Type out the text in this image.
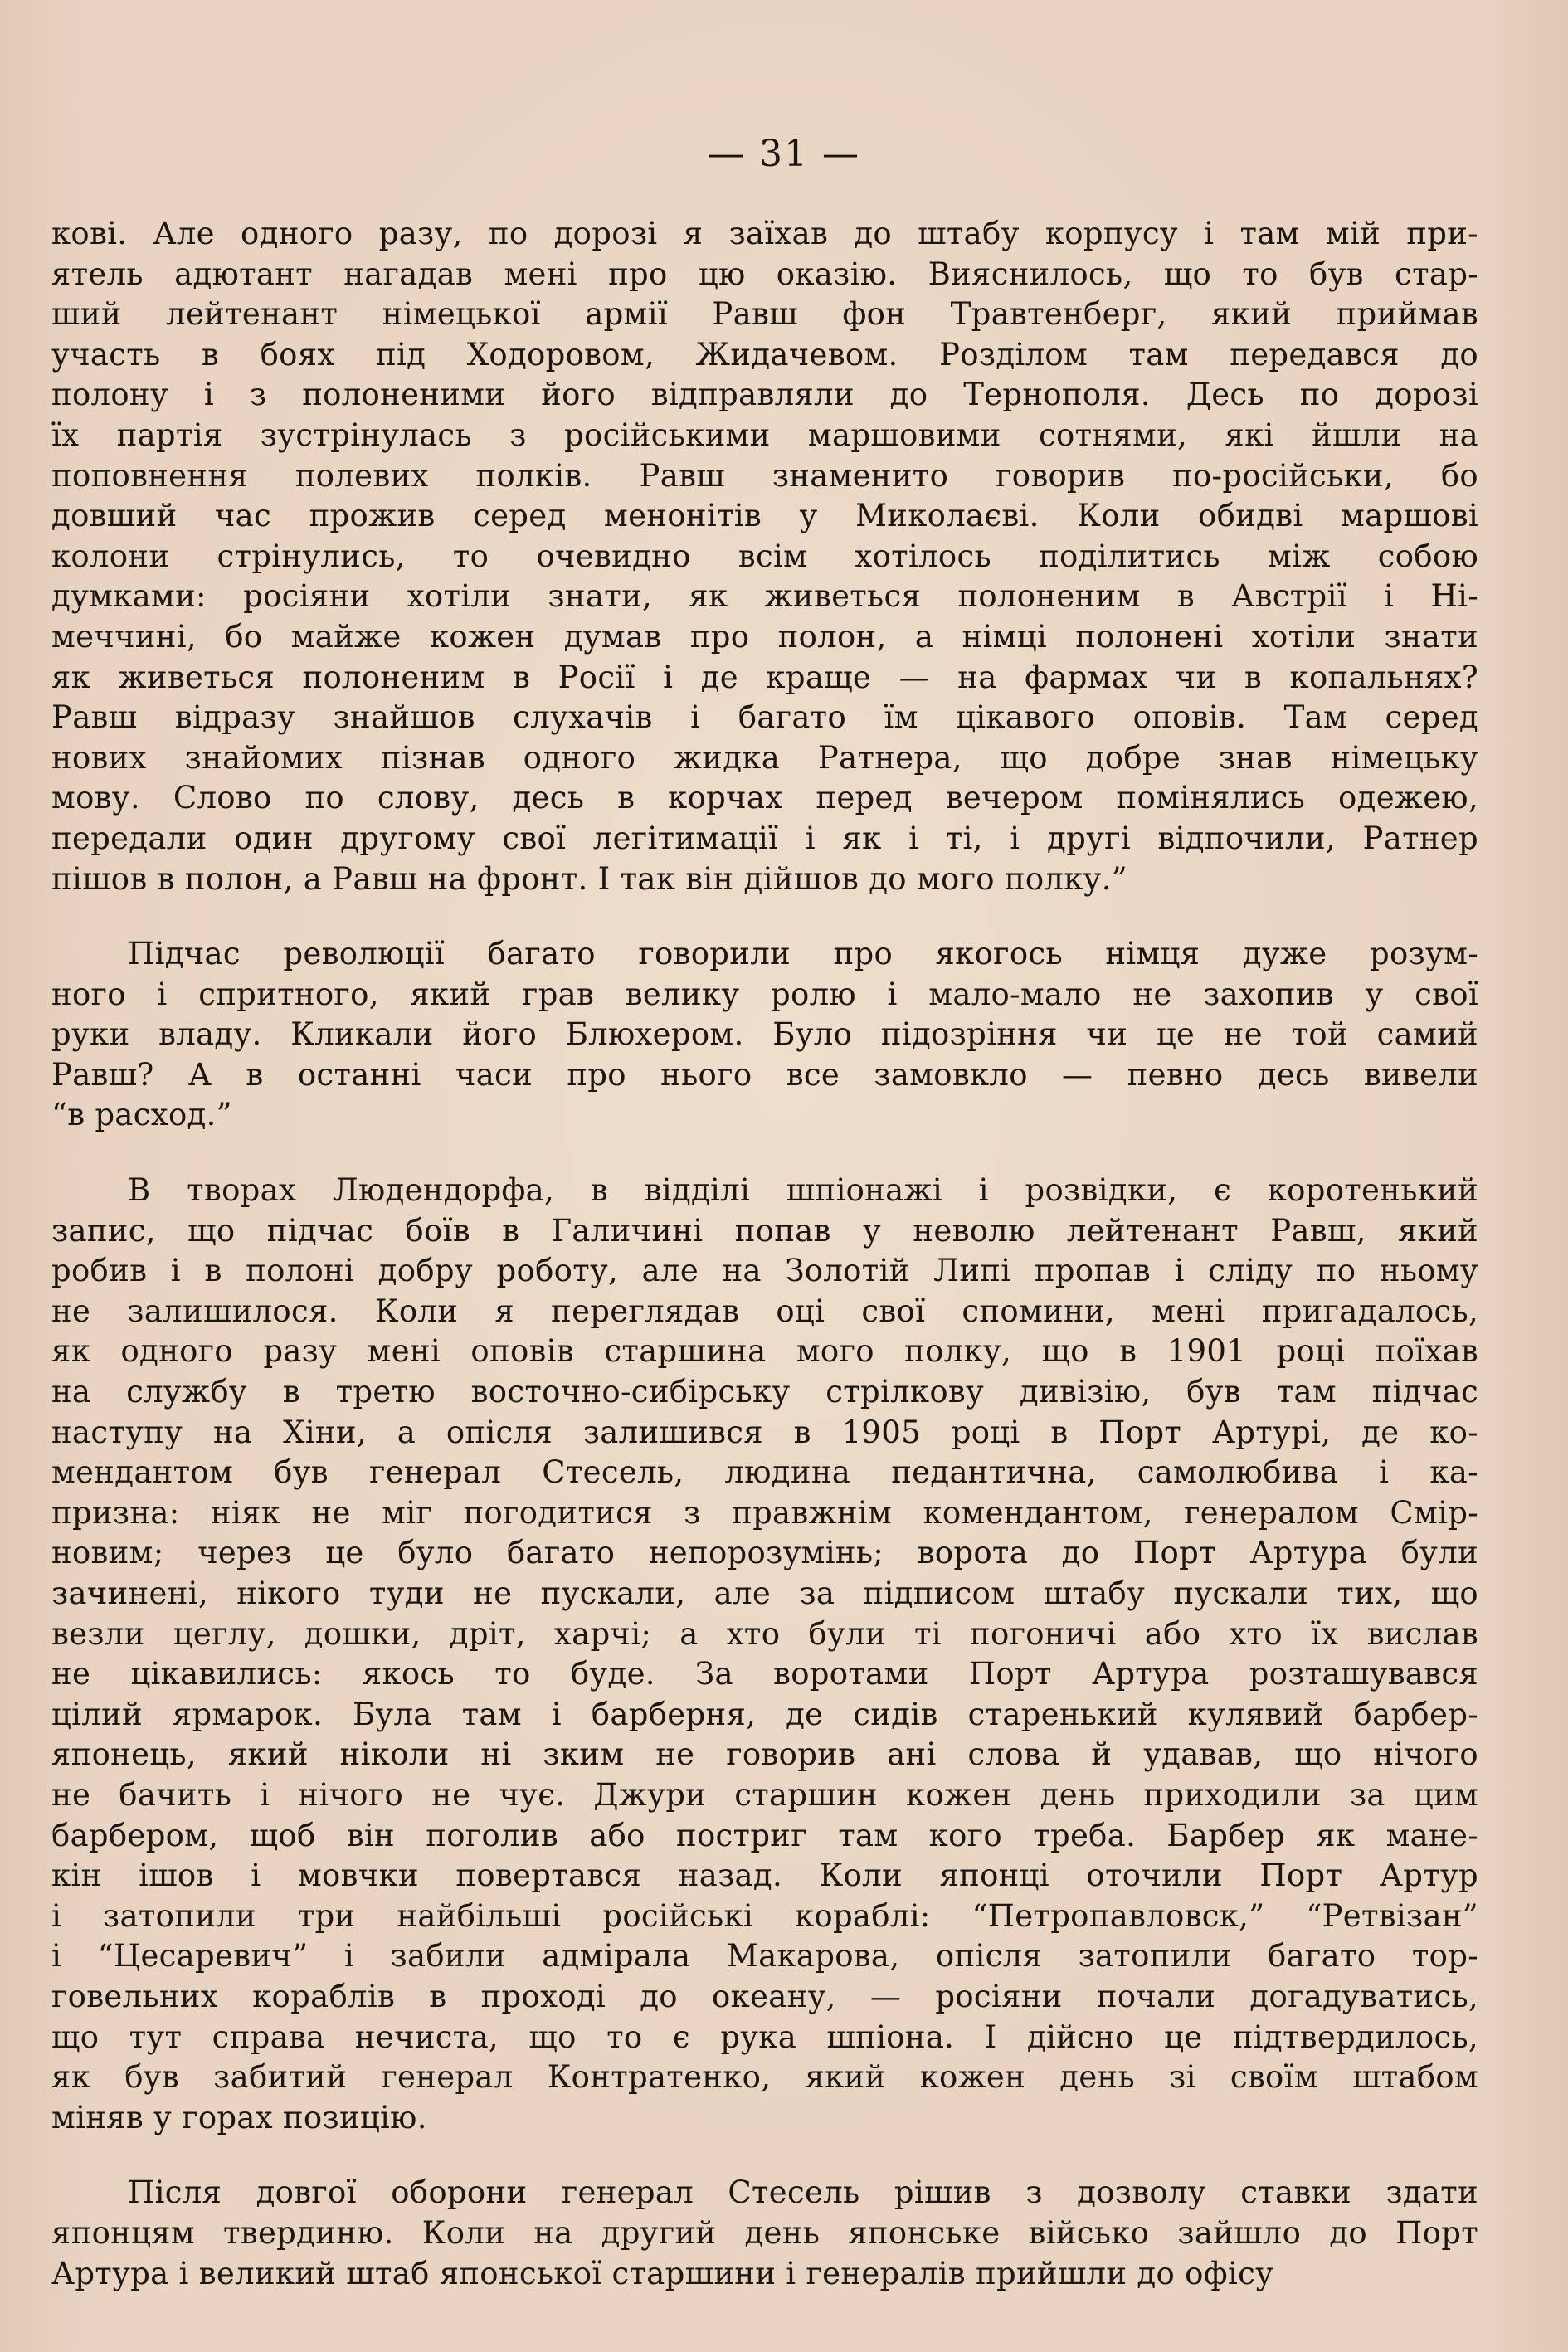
— 31 —
кові. Але одного разу, по дорозі я заїхав до штабу корпусу і там мій при-
ятель адютант нагадав мені про цю оказію. Вияснилось, що то був стар-
ший лейтенант німецької армії Равш фон Травтенберг, який приймав
участь в боях під Ходоровом, Жидачевом. Розділом там передався до
полону і з полоненими його відправляли до Тернополя. Десь по дорозі
їх партія зустрінулась з російськими маршовими сотнями, які йшли на
поповнення полевих полків. Равш знаменито говорив по-російськи, бо
довший час прожив серед менонітів у Миколаєві. Коли обидві маршові
колони стрінулись, то очевидно всім хотілось поділитись між собою
думками: росіяни хотіли знати, як живеться полоненим в Австрії і Ні-
меччині, бо майже кожен думав про полон, а німці полонені хотіли знати
як живеться полоненим в Росії і де краще — на фармах чи в копальнях?
Равш відразу знайшов слухачів і багато їм цікавого оповів. Там серед
нових знайомих пізнав одного жидка Ратнера, що добре знав німецьку
мову. Слово по слову, десь в корчах перед вечером помінялись одежею,
передали один другому свої легітимації і як і ті, і другі відпочили, Ратнер
пішов в полон, а Равш на фронт. І так він дійшов до мого полку.”
Підчас революції багато говорили про якогось німця дуже розум-
ного і спритного, який грав велику ролю і мало-мало не захопив у свої
руки владу. Кликали його Блюхером. Було підозріння чи це не той самий
Равш? А в останні часи про нього все замовкло — певно десь вивели
“в расход.”
В творах Людендорфа, в відділі шпіонажі і розвідки, є коротенький
запис, що підчас боїв в Галичині попав у неволю лейтенант Равш, який
робив і в полоні добру роботу, але на Золотій Липі пропав і сліду по ньому
не залишилося. Коли я переглядав оці свої спомини, мені пригадалось,
як одного разу мені оповів старшина мого полку, що в 1901 році поїхав
на службу в третю восточно-сибірську стрілкову дивізію, був там підчас
наступу на Хіни, а опісля залишився в 1905 році в Порт Артурі, де ко-
мендантом був генерал Стесель, людина педантична, самолюбива і ка-
призна: ніяк не міг погодитися з правжнім комендантом, генералом Смір-
новим; через це було багато непорозумінь; ворота до Порт Артура були
зачинені, нікого туди не пускали, але за підписом штабу пускали тих, що
везли цеглу, дошки, дріт, харчі; а хто були ті погоничі або хто їх вислав
не цікавились: якось то буде. За воротами Порт Артура розташувався
цілий ярмарок. Була там і барберня, де сидів старенький кулявий барбер-
японець, який ніколи ні зким не говорив ані слова й удавав, що нічого
не бачить і нічого не чує. Джури старшин кожен день приходили за цим
барбером, щоб він поголив або постриг там кого треба. Барбер як мане-
кін ішов і мовчки повертався назад. Коли японці оточили Порт Артур
і затопили три найбільші російські кораблі: “Петропавловск,” “Ретвізан”
і “Цесаревич” і забили адмірала Макарова, опісля затопили багато тор-
говельних кораблів в проході до океану, — росіяни почали догадуватись,
що тут справа нечиста, що то є рука шпіона. І дійсно це підтвердилось,
як був забитий генерал Контратенко, який кожен день зі своїм штабом
міняв у горах позицію.
Після довгої оборони генерал Стесель рішив з дозволу ставки здати
японцям твердиню. Коли на другий день японське військо зайшло до Порт
Артура і великий штаб японської старшини і генералів прийшли до офісу
